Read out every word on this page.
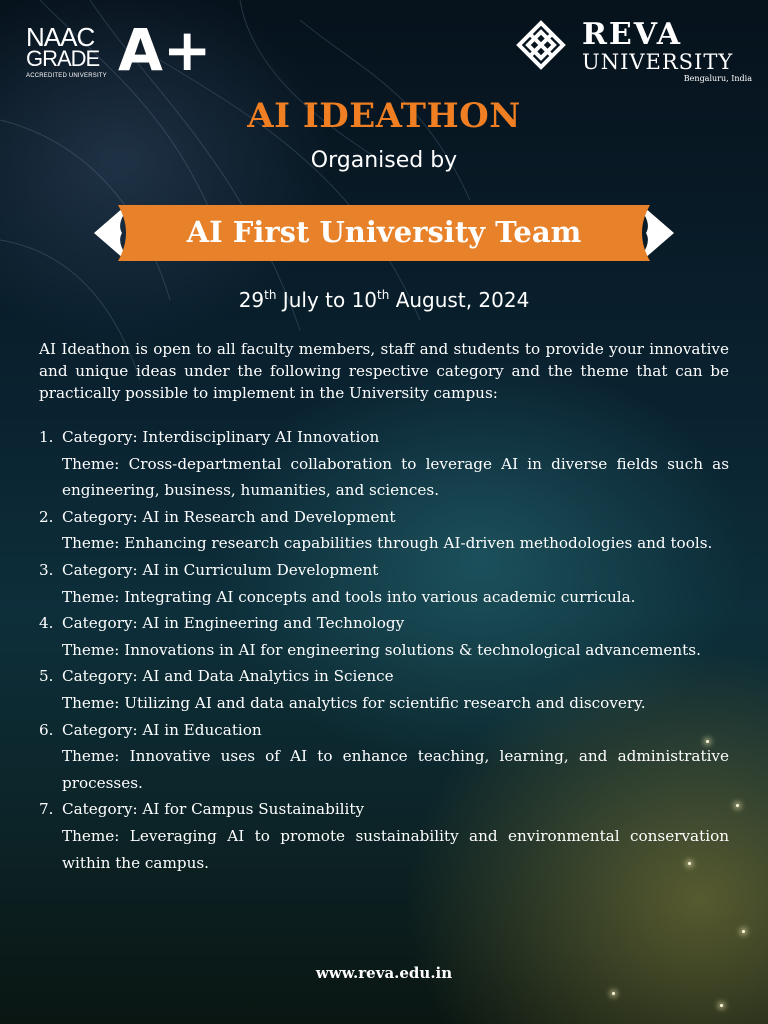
NAAC
GRADE
ACCREDITED UNIVERSITY A+	REVA
UNIVERSITY
Bengaluru, India
AI IDEATHON
Organised by
AI First University Team
29th July to 10th August, 2024
AI Ideathon is open to all faculty members, staff and students to provide your innovative and unique ideas under the following respective category and the theme that can be practically possible to implement in the University campus:
1. Category: Interdisciplinary AI Innovation
Theme: Cross-departmental collaboration to leverage AI in diverse fields such as engineering, business, humanities, and sciences.
2. Category: AI in Research and Development
Theme: Enhancing research capabilities through AI-driven methodologies and tools.
3. Category: AI in Curriculum Development
Theme: Integrating AI concepts and tools into various academic curricula.
4. Category: AI in Engineering and Technology
Theme: Innovations in AI for engineering solutions & technological advancements.
5. Category: AI and Data Analytics in Science
Theme: Utilizing AI and data analytics for scientific research and discovery.
6. Category: AI in Education
Theme: Innovative uses of AI to enhance teaching, learning, and administrative processes.
7. Category: AI for Campus Sustainability
Theme: Leveraging AI to promote sustainability and environmental conservation within the campus.
www.reva.edu.in
